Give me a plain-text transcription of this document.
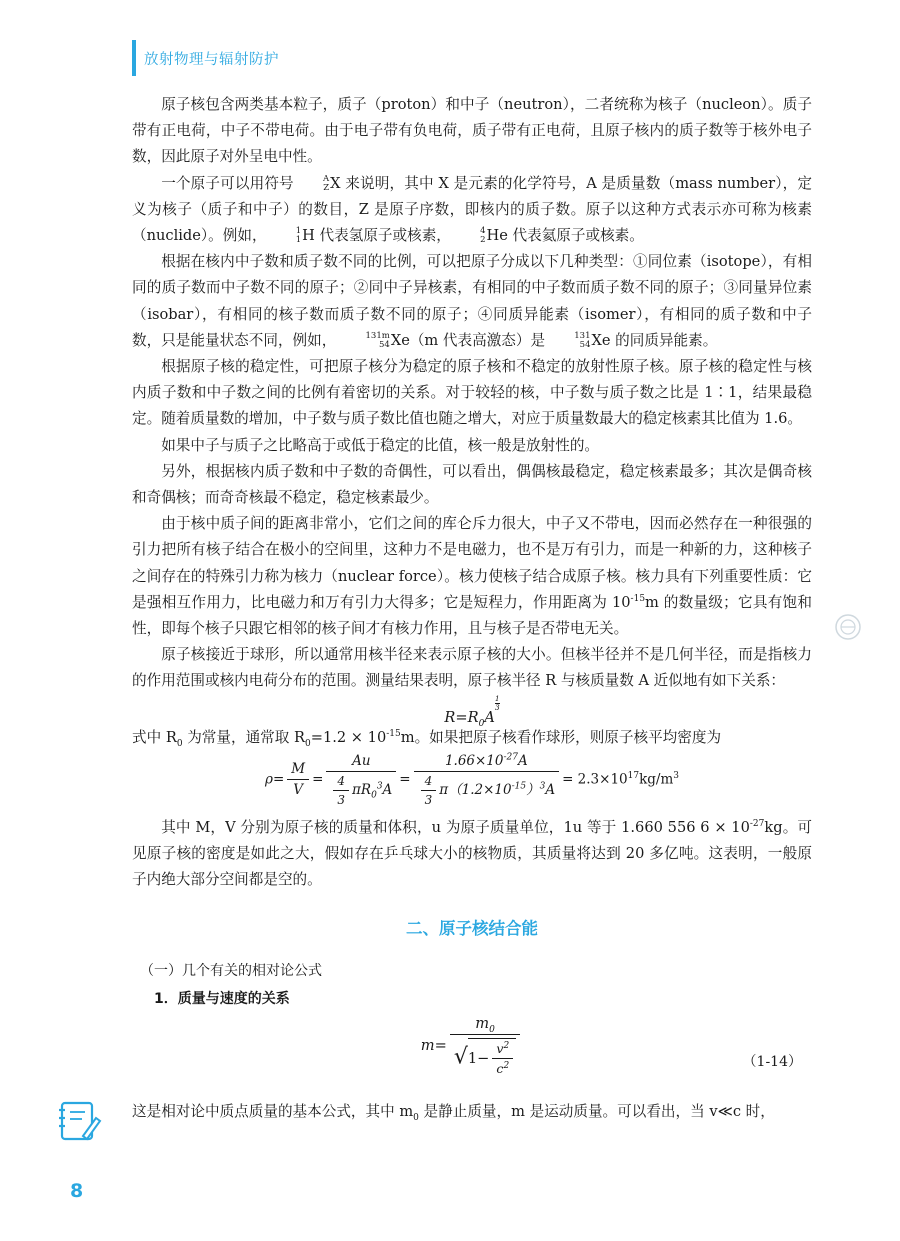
放射物理与辐射防护

原子核包含两类基本粒子，质子（proton）和中子（neutron），二者统称为核子（nucleon）。质子带有正电荷，中子不带电荷。由于电子带有负电荷，质子带有正电荷，且原子核内的质子数等于核外电子数，因此原子对外呈电中性。

一个原子可以用符号	A
Z X 来说明，其中 X 是元素的化学符号，A 是质量数（mass number），定义为核子（质子和中子）的数目，Z 是原子序数，即核内的质子数。原子以这种方式表示亦可称为核素（nuclide）。例如，	1
1 H 代表氢原子或核素，	4
2 He 代表氦原子或核素。

根据在核内中子数和质子数不同的比例，可以把原子分成以下几种类型：①同位素（isotope），有相同的质子数而中子数不同的原子；②同中子异核素，有相同的中子数而质子数不同的原子；③同量异位素（isobar），有相同的核子数而质子数不同的原子；④同质异能素（isomer），有相同的质子数和中子数，只是能量状态不同，例如，	131m
54 Xe（m 代表高激态）是	131
54 Xe 的同质异能素。

根据原子核的稳定性，可把原子核分为稳定的原子核和不稳定的放射性原子核。原子核的稳定性与核内质子数和中子数之间的比例有着密切的关系。对于较轻的核，中子数与质子数之比是 1∶1，结果最稳定。随着质量数的增加，中子数与质子数比值也随之增大，对应于质量数最大的稳定核素其比值为 1.6。

如果中子与质子之比略高于或低于稳定的比值，核一般是放射性的。

另外，根据核内质子数和中子数的奇偶性，可以看出，偶偶核最稳定，稳定核素最多；其次是偶奇核和奇偶核；而奇奇核最不稳定，稳定核素最少。

由于核中质子间的距离非常小，它们之间的库仑斥力很大，中子又不带电，因而必然存在一种很强的引力把所有核子结合在极小的空间里，这种力不是电磁力，也不是万有引力，而是一种新的力，这种核子之间存在的特殊引力称为核力（nuclear force）。核力使核子结合成原子核。核力具有下列重要性质：它是强相互作用力，比电磁力和万有引力大得多；它是短程力，作用距离为 $10^{-15}m$ 的数量级；它具有饱和性，即每个核子只跟它相邻的核子间才有核力作用，且与核子是否带电无关。

原子核接近于球形，所以通常用核半径来表示原子核的大小。但核半径并不是几何半径，而是指核力的作用范围或核内电荷分布的范围。测量结果表明，原子核半径 R 与核质量数 A 近似地有如下关系：

$R=R_0A$
$^{\frac{1}{3}}$

式中 $R_0$ 为常量，通常取 $R_0=1.2 \times 10^{-15}m$。如果把原子核看作球形，则原子核平均密度为

$\rho= \frac{M}{V} = \frac{Au}{\frac{4}{3} \pi R_0^3A} = \frac{1.66\times 10^{-27}A}{\frac{4}{3} \pi(1.2\times 10^{-15})^3A} = 2.3\times 10^{17}kg/m^3$

其中 M，V 分别为原子核的质量和体积，u 为原子质量单位，1u 等于 1.660 556 $6 \times 10^{-27}kg$。可见原子核的密度是如此之大，假如存在乒乓球大小的核物质，其质量将达到 20 多亿吨。这表明，一般原子内绝大部分空间都是空的。

二、原子核结合能
（一）几个有关的相对论公式
1．质量与速度的关系
$m= \frac{m_0}{√1- \frac{v^2}{c^2}}$	（1-14）

这是相对论中质点质量的基本公式，其中 $m_0$ 是静止质量，m 是运动质量。可以看出，当 v≪c 时，

8
